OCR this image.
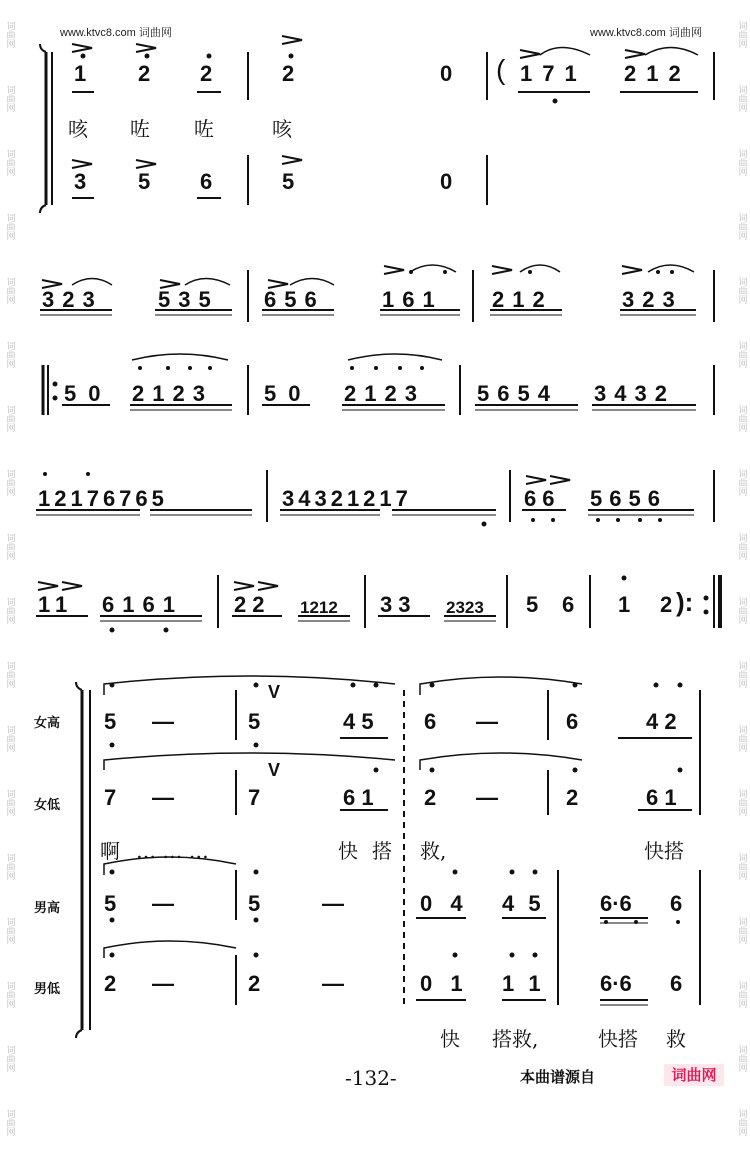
词曲网
词曲网
词曲网
词曲网
词曲网
词曲网
词曲网
词曲网
词曲网
词曲网
词曲网
词曲网
词曲网
词曲网
词曲网
词曲网
词曲网
词曲网
词曲网
词曲网
词曲网
词曲网
词曲网
词曲网
词曲网
词曲网
词曲网
词曲网
词曲网
词曲网
词曲网
词曲网
词曲网
词曲网
词曲网
词曲网
www.ktvc8.com 词曲网	www.ktvc8.com 词曲网
1 2 2	2	0 ( 171 212
咳 咗 咗	咳
3 5 6	5	0
323	535 656	161 212	323
50 2123 50 2123 5654 3432
12176765	34321217	66 5656
11 6161 22 1212 33 2323 5 6 1 2 ):
女高
女低
男高
男低
5 —	5
V
4 5 6 —	6	4 2
7 —	7
V
6 1 2 —	2	6 1
啊 … … …	快 搭 救,	快搭
5 —	5	—	0 4 4 5	6·6 6
2 —	2	—	0 1 1 1	6·6 6
快 搭救,	快搭 救
-132-	本曲谱源自	词曲网
